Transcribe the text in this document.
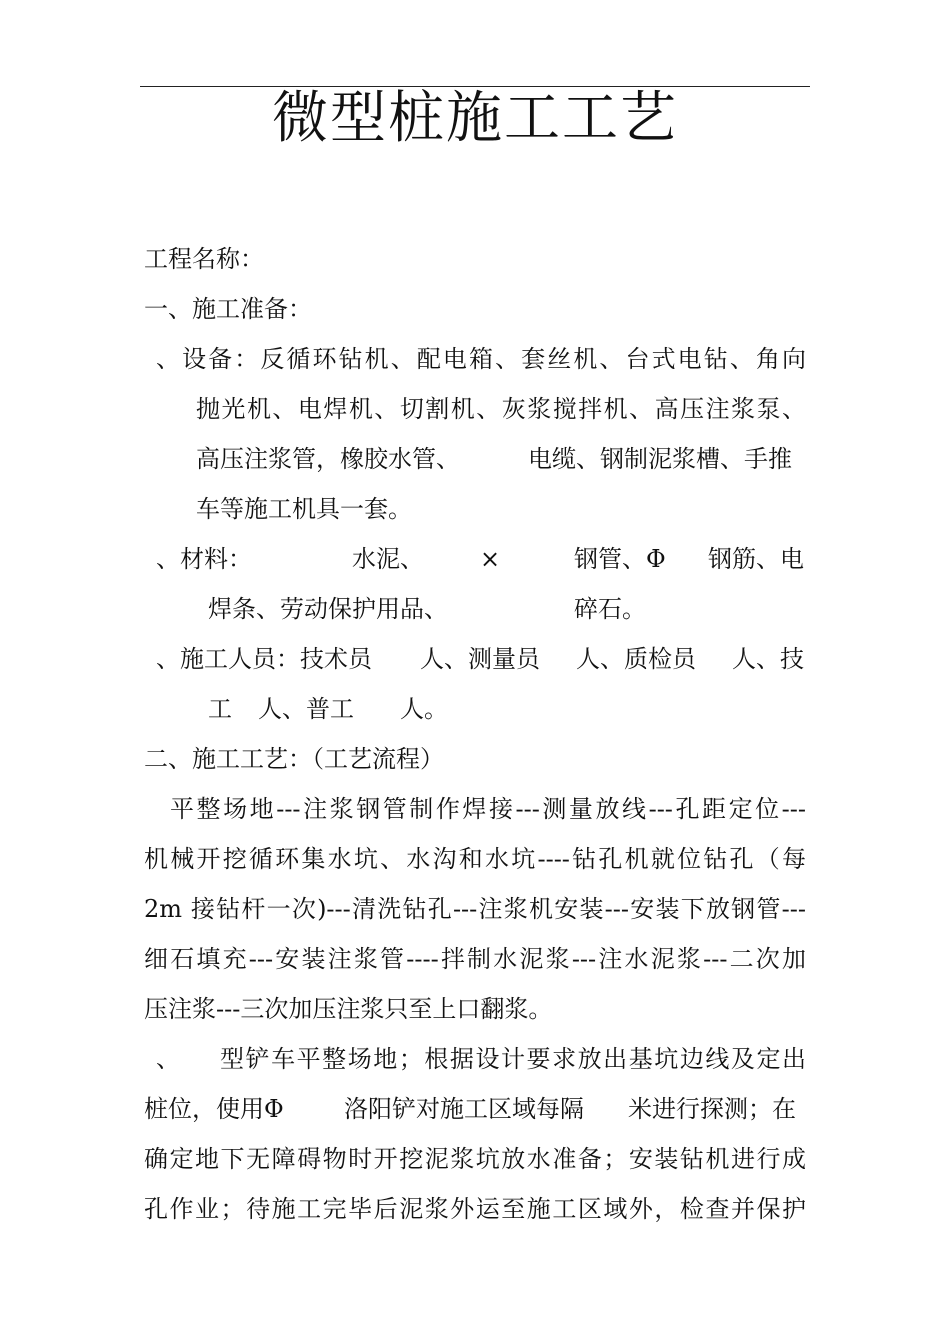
微型桩施工工艺
工程名称：
一、施工准备：
、设备：反循环钻机、配电箱、套丝机、台式电钻、角向
抛光机、电焊机、切割机、灰浆搅拌机、高压注浆泵、
高压注浆管，橡胶水管、	电缆、钢制泥浆槽、手推
车等施工机具一套。
、材料：	水泥、 ×	钢管、Φ 钢筋、电
焊条、劳动保护用品、	碎石。
、施工人员：技术员 人、测量员 人、质检员 人、技
工 人、普工 人。
二、施工工艺：（工艺流程）
平整场地---注浆钢管制作焊接---测量放线---孔距定位---
机械开挖循环集水坑、水沟和水坑----钻孔机就位钻孔（每
2m 接钻杆一次)---清洗钻孔---注浆机安装---安装下放钢管---
细石填充---安装注浆管----拌制水泥浆---注水泥浆---二次加
压注浆---三次加压注浆只至上口翻浆。
、 型铲车平整场地；根据设计要求放出基坑边线及定出
桩位，使用Φ	洛阳铲对施工区域每隔 米进行探测；在
确定地下无障碍物时开挖泥浆坑放水准备；安装钻机进行成
孔作业；待施工完毕后泥浆外运至施工区域外，检查并保护
